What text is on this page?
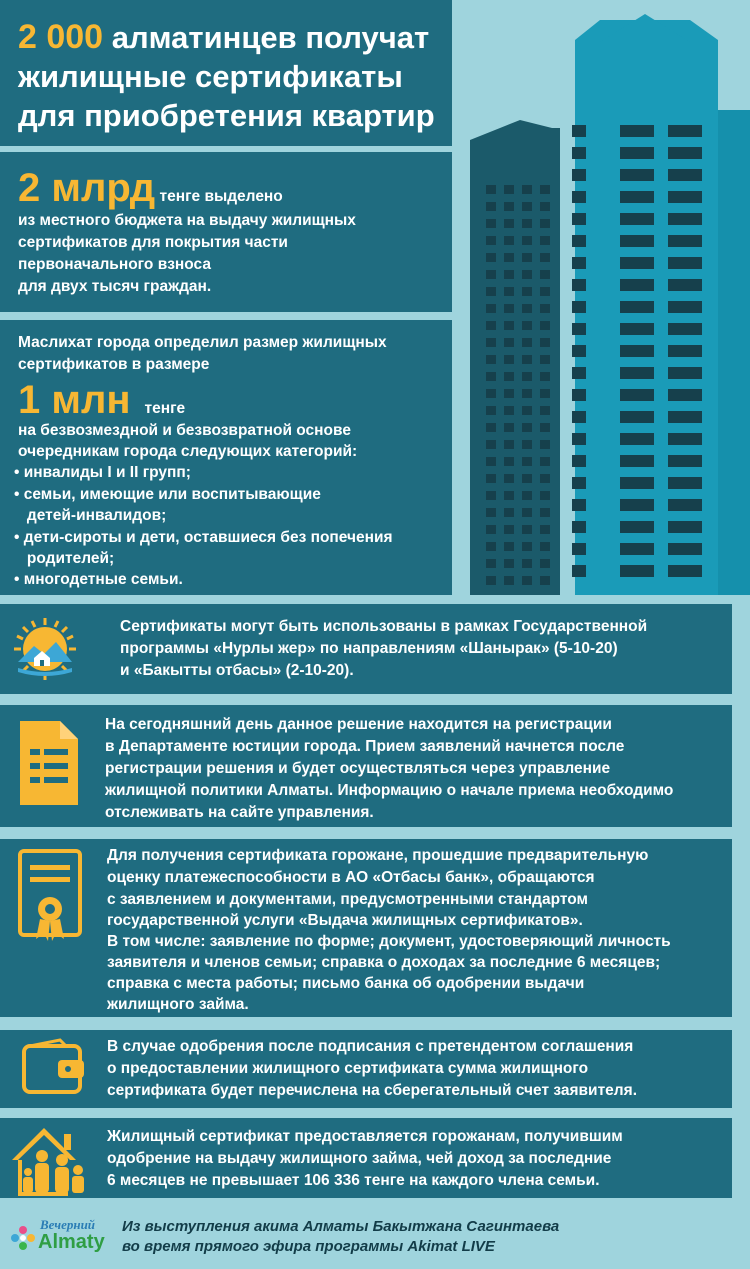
2 000 алматинцев получат
жилищные сертификаты
для приобретения квартир
2 млрд тенге выделено
из местного бюджета на выдачу жилищных
сертификатов для покрытия части
первоначального взноса
для двух тысяч граждан.
Маслихат города определил размер жилищных
сертификатов в размере
1 млн тенге
на безвозмездной и безвозвратной основе
очередникам города следующих категорий:
• инвалиды I и II групп;
• семьи, имеющие или воспитывающие
детей-инвалидов;
• дети-сироты и дети, оставшиеся без попечения
родителей;
• многодетные семьи.
Сертификаты могут быть использованы в рамках Государственной
программы «Нурлы жер» по направлениям «Шанырак» (5-10-20)
и «Бакытты отбасы» (2-10-20).
На сегодняшний день данное решение находится на регистрации
в Департаменте юстиции города. Прием заявлений начнется после
регистрации решения и будет осуществляться через управление
жилищной политики Алматы. Информацию о начале приема необходимо
отслеживать на сайте управления.
Для получения сертификата горожане, прошедшие предварительную
оценку платежеспособности в АО «Отбасы банк», обращаются
с заявлением и документами, предусмотренными стандартом
государственной услуги «Выдача жилищных сертификатов».
В том числе: заявление по форме; документ, удостоверяющий личность
заявителя и членов семьи; справка о доходах за последние 6 месяцев;
справка с места работы; письмо банка об одобрении выдачи
жилищного займа.
В случае одобрения после подписания с претендентом соглашения
о предоставлении жилищного сертификата сумма жилищного
сертификата будет перечислена на сберегательный счет заявителя.
Жилищный сертификат предоставляется горожанам, получившим
одобрение на выдачу жилищного займа, чей доход за последние
6 месяцев не превышает 106 336 тенге на каждого члена семьи.
Вечерний
Almaty
Из выступления акима Алматы Бакытжана Сагинтаева
во время прямого эфира программы Akimat LIVE
